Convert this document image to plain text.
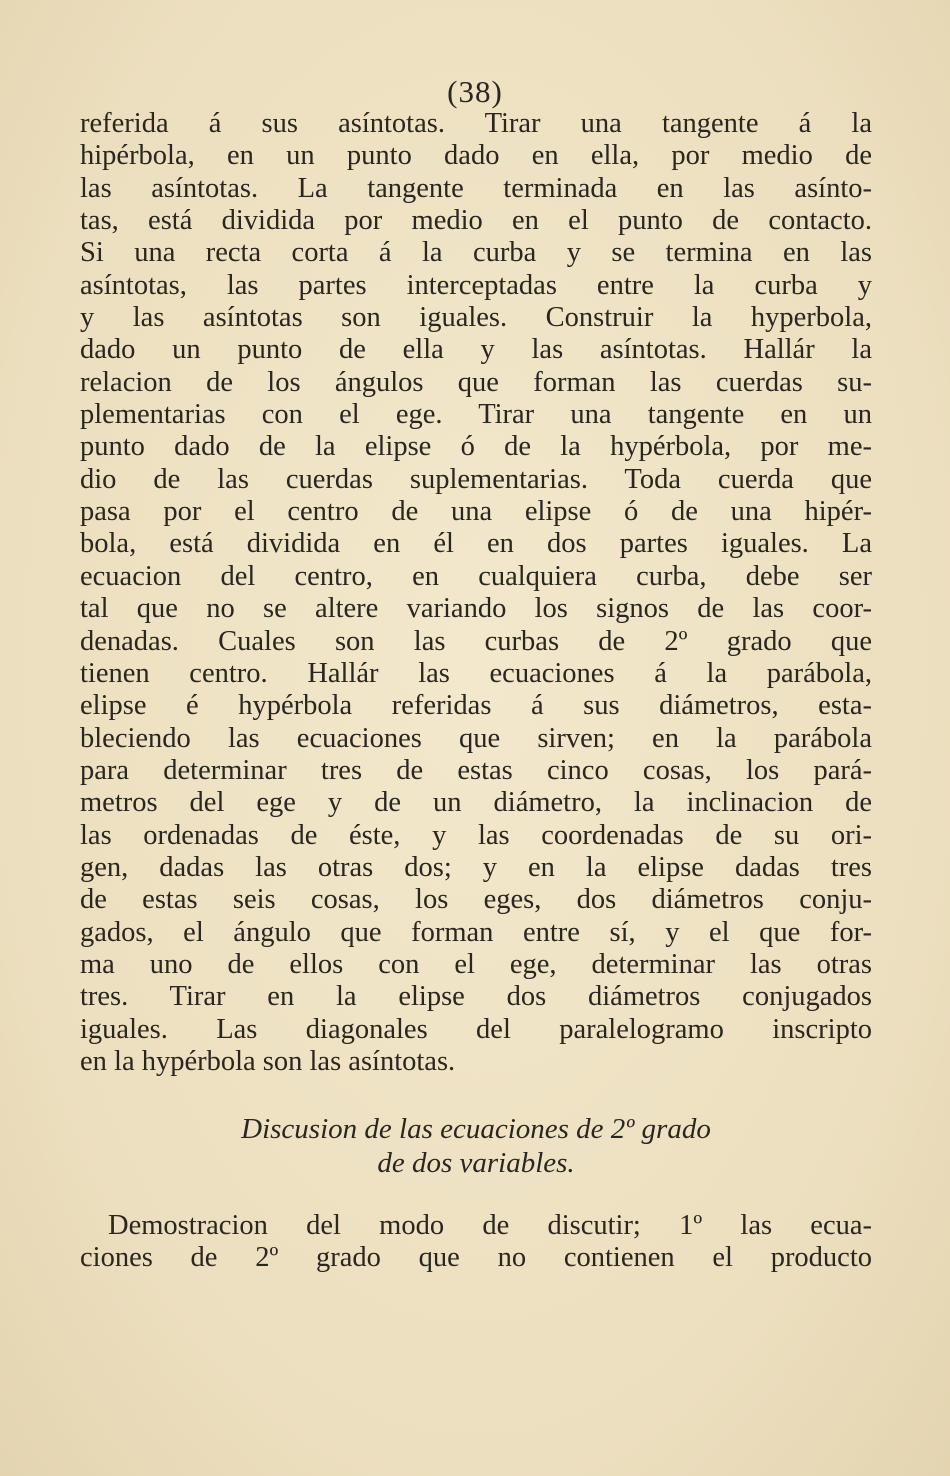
(38)
referida á sus asíntotas. Tirar una tangente á la
hipérbola, en un punto dado en ella, por medio de
las asíntotas. La tangente terminada en las asínto-
tas, está dividida por medio en el punto de contacto.
Si una recta corta á la curba y se termina en las
asíntotas, las partes interceptadas entre la curba y
y las asíntotas son iguales. Construir la hyperbola,
dado un punto de ella y las asíntotas. Hallár la
relacion de los ángulos que forman las cuerdas su-
plementarias con el ege. Tirar una tangente en un
punto dado de la elipse ó de la hypérbola, por me-
dio de las cuerdas suplementarias. Toda cuerda que
pasa por el centro de una elipse ó de una hipér-
bola, está dividida en él en dos partes iguales. La
ecuacion del centro, en cualquiera curba, debe ser
tal que no se altere variando los signos de las coor-
denadas. Cuales son las curbas de 2º grado que
tienen centro. Hallár las ecuaciones á la parábola,
elipse é hypérbola referidas á sus diámetros, esta-
bleciendo las ecuaciones que sirven; en la parábola
para determinar tres de estas cinco cosas, los pará-
metros del ege y de un diámetro, la inclinacion de
las ordenadas de éste, y las coordenadas de su ori-
gen, dadas las otras dos; y en la elipse dadas tres
de estas seis cosas, los eges, dos diámetros conju-
gados, el ángulo que forman entre sí, y el que for-
ma uno de ellos con el ege, determinar las otras
tres. Tirar en la elipse dos diámetros conjugados
iguales. Las diagonales del paralelogramo inscripto
en la hypérbola son las asíntotas.
Discusion de las ecuaciones de 2º grado
de dos variables.
Demostracion del modo de discutir; 1º las ecua-
ciones de 2º grado que no contienen el producto
